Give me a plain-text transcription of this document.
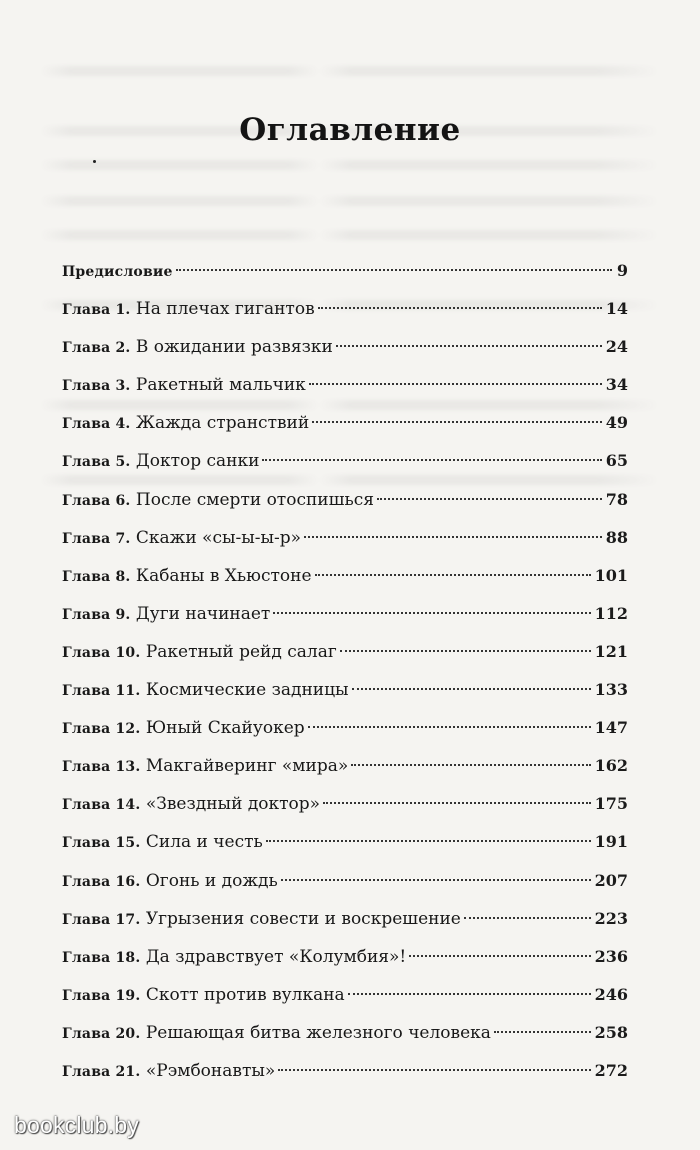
Оглавление
Предисловие	9
Глава 1. На плечах гигантов	14
Глава 2. В ожидании развязки	24
Глава 3. Ракетный мальчик	34
Глава 4. Жажда странствий	49
Глава 5. Доктор санки	65
Глава 6. После смерти отоспишься	78
Глава 7. Скажи «сы-ы-ы-р»	88
Глава 8. Кабаны в Хьюстоне	101
Глава 9. Дуги начинает	112
Глава 10. Ракетный рейд салаг	121
Глава 11. Космические задницы	133
Глава 12. Юный Скайуокер	147
Глава 13. Макгайверинг «мира»	162
Глава 14. «Звездный доктор»	175
Глава 15. Сила и честь	191
Глава 16. Огонь и дождь	207
Глава 17. Угрызения совести и воскрешение	223
Глава 18. Да здравствует «Колумбия»!	236
Глава 19. Скотт против вулкана	246
Глава 20. Решающая битва железного человека	258
Глава 21. «Рэмбонавты»	272
bookclub.by
